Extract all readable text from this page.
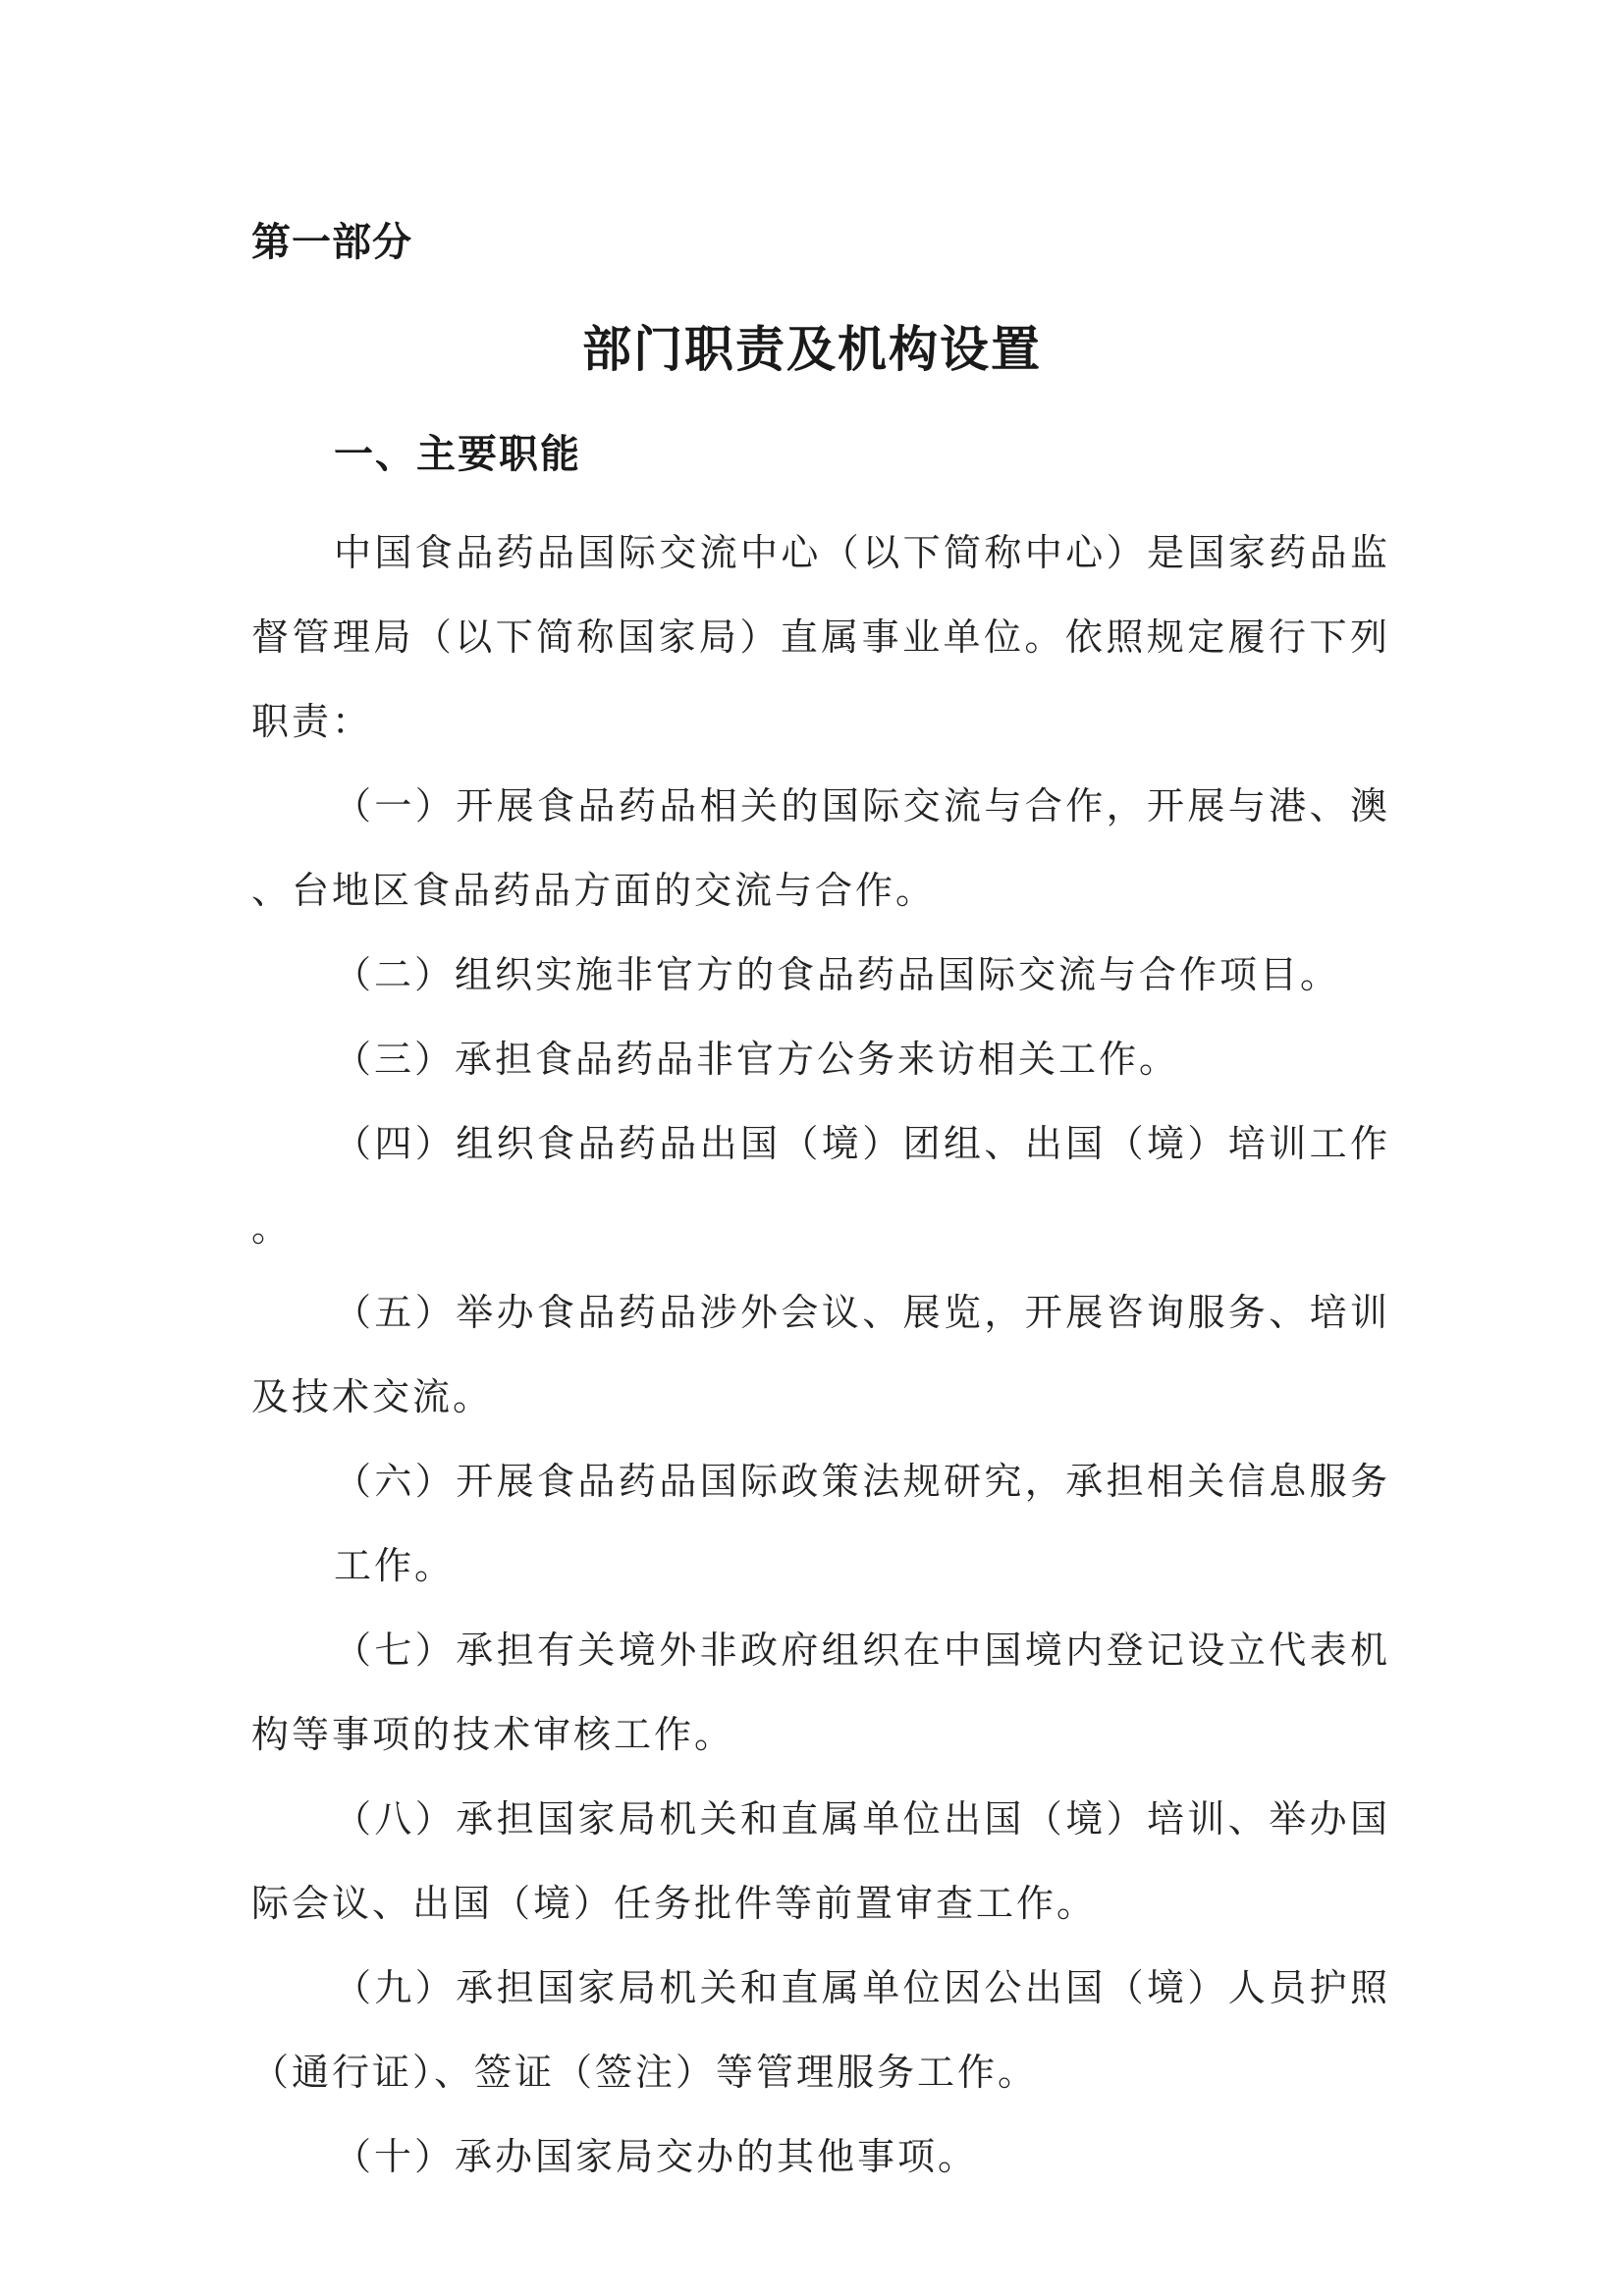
第一部分
部门职责及机构设置
一、主要职能

中国食品药品国际交流中心（以下简称中心）是国家药品监督管理局（以下简称国家局）直属事业单位。依照规定履行下列职责：

（一）开展食品药品相关的国际交流与合作，开展与港、澳、台地区食品药品方面的交流与合作。

（二）组织实施非官方的食品药品国际交流与合作项目。

（三）承担食品药品非官方公务来访相关工作。

（四）组织食品药品出国（境）团组、出国（境）培训工作。

（五）举办食品药品涉外会议、展览，开展咨询服务、培训及技术交流。

（六）开展食品药品国际政策法规研究，承担相关信息服务工作。

（七）承担有关境外非政府组织在中国境内登记设立代表机构等事项的技术审核工作。

（八）承担国家局机关和直属单位出国（境）培训、举办国际会议、出国（境）任务批件等前置审查工作。

（九）承担国家局机关和直属单位因公出国（境）人员护照（通行证）、签证（签注）等管理服务工作。

（十）承办国家局交办的其他事项。
